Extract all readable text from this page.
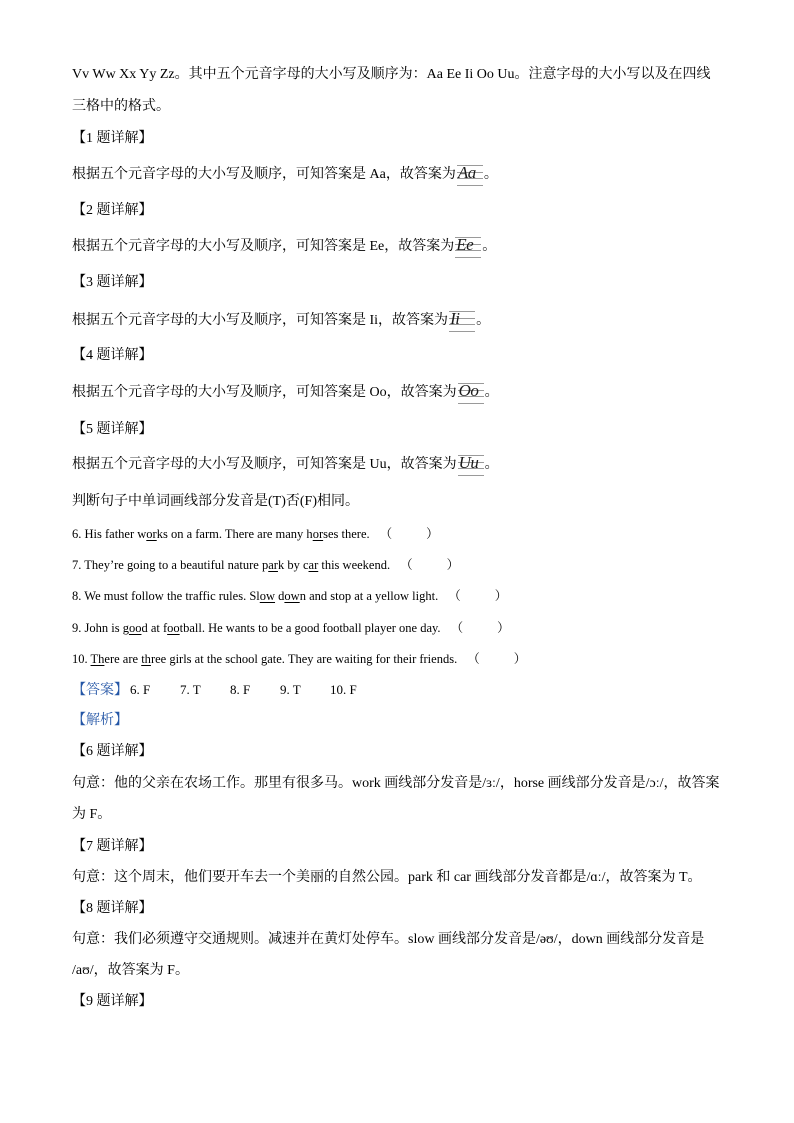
Vv Ww Xx Yy Zz。其中五个元音字母的大小写及顺序为：Aa Ee Ii Oo Uu。注意字母的大小写以及在四线
三格中的格式。
【1 题详解】
根据五个元音字母的大小写及顺序，可知答案是 Aa，故答案为 Aa 。
【2 题详解】
根据五个元音字母的大小写及顺序，可知答案是 Ee，故答案为 Ee 。
【3 题详解】
根据五个元音字母的大小写及顺序，可知答案是 Ii，故答案为 Ii 。
【4 题详解】
根据五个元音字母的大小写及顺序，可知答案是 Oo，故答案为 Oo 。
【5 题详解】
根据五个元音字母的大小写及顺序，可知答案是 Uu，故答案为 Uu 。
判断句子中单词画线部分发音是(T)否(F)相同。
6. His father works on a farm. There are many horses there. （	）
7. They’re going to a beautiful nature park by car this weekend. （	）
8. We must follow the traffic rules. Slow down and stop at a yellow light. （	）
9. John is good at football. He wants to be a good football player one day. （	）
10. There are three girls at the school gate. They are waiting for their friends. （	）
【答案】 6. F 7. T 8. F 9. T 10. F
【解析】
【6 题详解】
句意：他的父亲在农场工作。那里有很多马。work 画线部分发音是/ɜː/，horse 画线部分发音是/ɔː/，故答案
为 F。
【7 题详解】
句意：这个周末，他们要开车去一个美丽的自然公园。park 和 car 画线部分发音都是/ɑː/，故答案为 T。
【8 题详解】
句意：我们必须遵守交通规则。减速并在黄灯处停车。slow 画线部分发音是/əʊ/，down 画线部分发音是
/aʊ/，故答案为 F。
【9 题详解】
